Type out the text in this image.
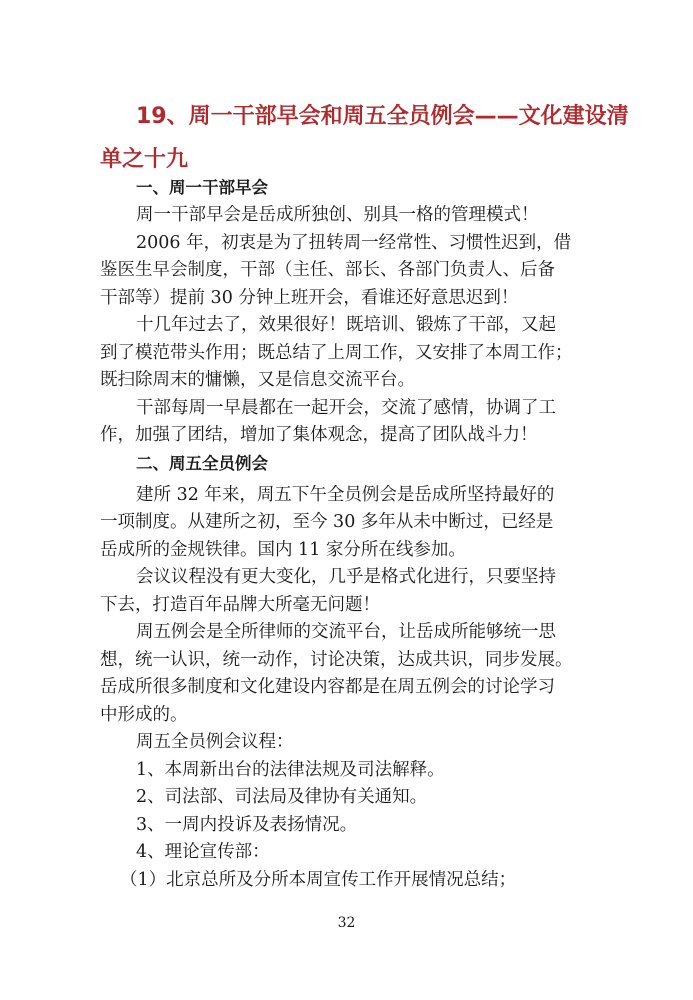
19、周一干部早会和周五全员例会——文化建设清
单之十九
一、周一干部早会
周一干部早会是岳成所独创、别具一格的管理模式！
2006 年，初衷是为了扭转周一经常性、习惯性迟到，借
鉴医生早会制度，干部（主任、部长、各部门负责人、后备
干部等）提前 30 分钟上班开会，看谁还好意思迟到！
十几年过去了，效果很好！既培训、锻炼了干部，又起
到了模范带头作用；既总结了上周工作，又安排了本周工作；
既扫除周末的慵懒，又是信息交流平台。
干部每周一早晨都在一起开会，交流了感情，协调了工
作，加强了团结，增加了集体观念，提高了团队战斗力！
二、周五全员例会
建所 32 年来，周五下午全员例会是岳成所坚持最好的
一项制度。从建所之初，至今 30 多年从未中断过，已经是
岳成所的金规铁律。国内 11 家分所在线参加。
会议议程没有更大变化，几乎是格式化进行，只要坚持
下去，打造百年品牌大所毫无问题！
周五例会是全所律师的交流平台，让岳成所能够统一思
想，统一认识，统一动作，讨论决策，达成共识，同步发展。
岳成所很多制度和文化建设内容都是在周五例会的讨论学习
中形成的。
周五全员例会议程：
1、本周新出台的法律法规及司法解释。
2、司法部、司法局及律协有关通知。
3、一周内投诉及表扬情况。
4、理论宣传部：
（1）北京总所及分所本周宣传工作开展情况总结；
32
